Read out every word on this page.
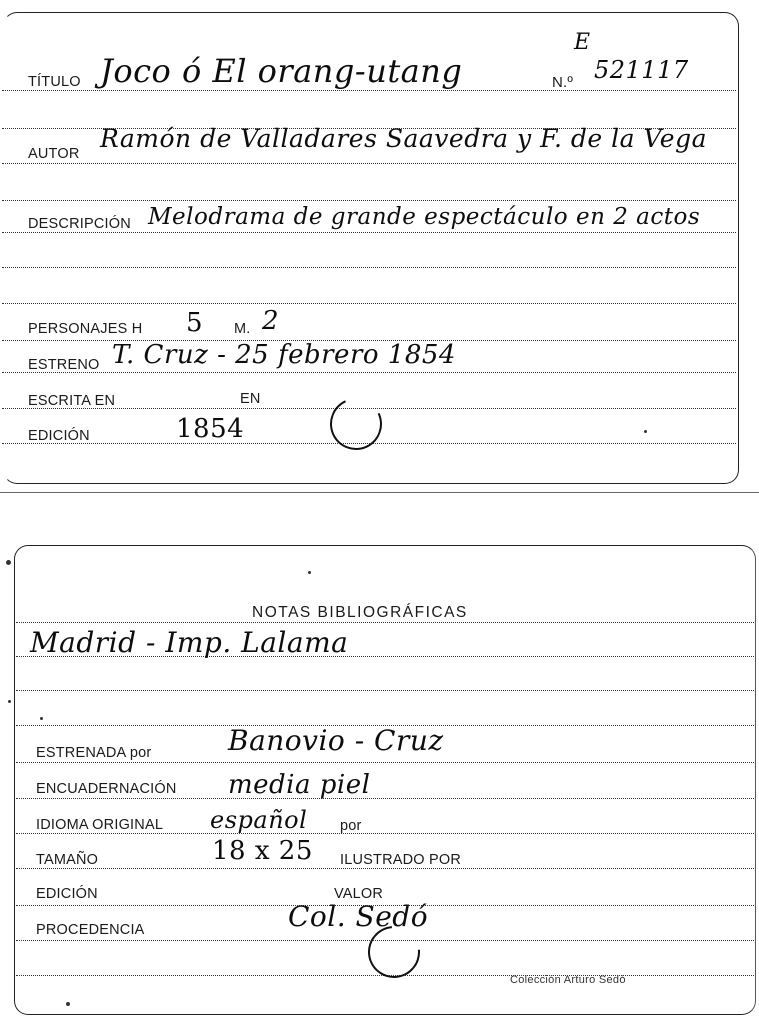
TÍTULO Joco ó El orang-utang	N.º 521117
E
AUTOR
Ramón de Valladares Saavedra y F. de la Vega
DESCRIPCIÓN Melodrama de grande espectáculo en 2 actos
PERSONAJES H 5 M. 2
ESTRENO T. Cruz - 25 febrero 1854
ESCRITA EN	EN
EDICIÓN	1854
NOTAS BIBLIOGRÁFICAS
Madrid - Imp. Lalama
ESTRENADA por	Banovio - Cruz
ENCUADERNACIÓN media piel
IDIOMA ORIGINAL español por
TAMAÑO	18 x 25 ILUSTRADO POR
EDICIÓN	VALOR
PROCEDENCIA	Col. Sedó
Colección Arturo Sedó
